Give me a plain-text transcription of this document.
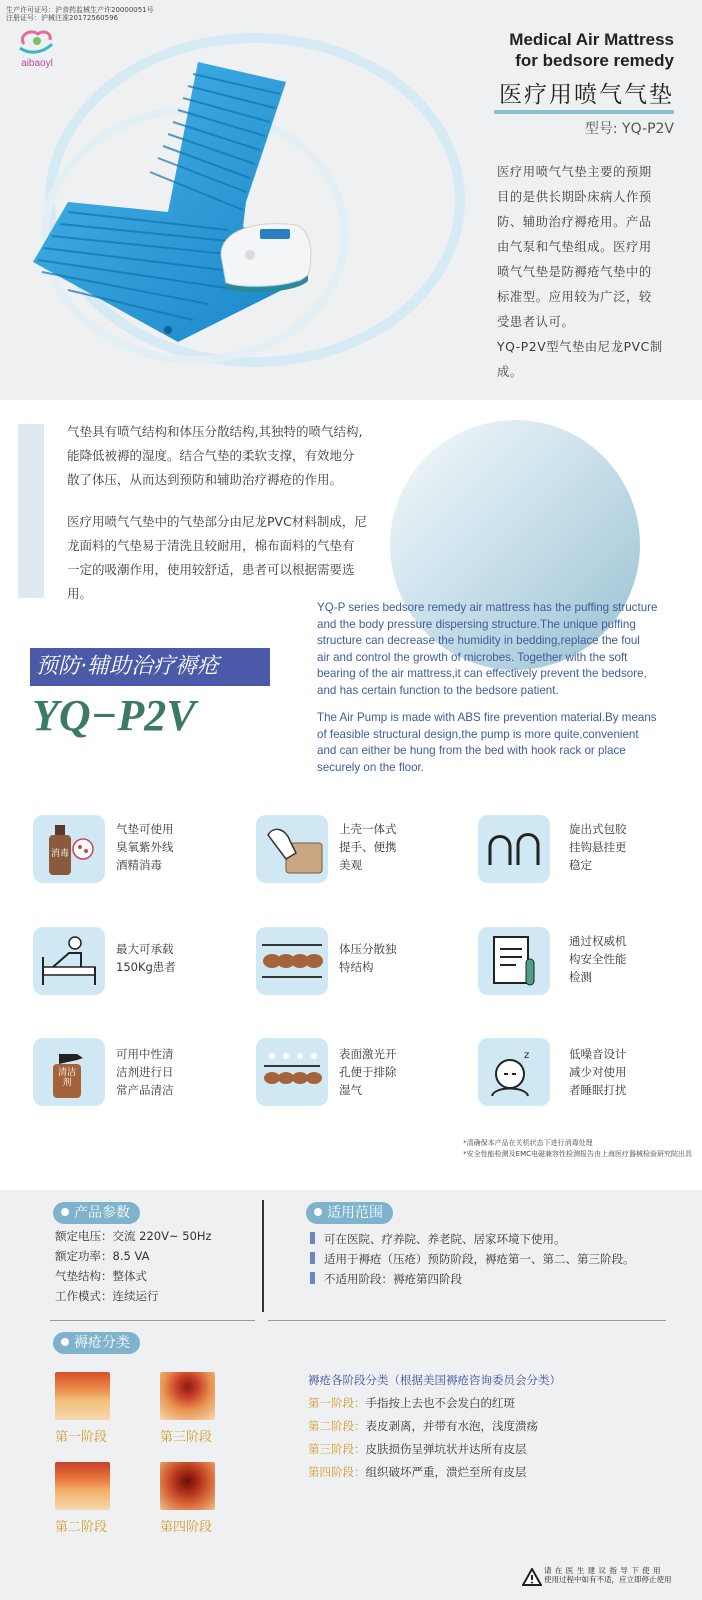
生产许可证号：沪食药监械生产许20000051号
注册证号：沪械注准20172560596
aibaoyl
Medical Air Mattress
for bedsore remedy
医疗用喷气气垫
型号: YQ-P2V
医疗用喷气气垫主要的预期
目的是供长期卧床病人作预
防、辅助治疗褥疮用。产品
由气泵和气垫组成。医疗用
喷气气垫是防褥疮气垫中的
标准型。应用较为广泛，较
受患者认可。
YQ-P2V型气垫由尼龙PVC制
成。
气垫具有喷气结构和体压分散结构,其独特的喷气结构,
能降低被褥的湿度。结合气垫的柔软支撑，有效地分
散了体压，从而达到预防和辅助治疗褥疮的作用。
医疗用喷气气垫中的气垫部分由尼龙PVC材料制成，尼
龙面料的气垫易于清洗且较耐用，棉布面料的气垫有
一定的吸潮作用，使用较舒适，患者可以根据需要选
用。
预防·辅助治疗褥疮
YQ−P2V
YQ-P series bedsore remedy air mattress has the puffing structure
and the body pressure dispersing structure.The unique puffing
structure can decrease the humidity in bedding,replace the foul
air and control the growth of microbes. Together with the soft
bearing of the air mattress,it can effectively prevent the bedsore,
and has certain function to the bedsore patient.
The Air Pump is made with ABS fire prevention material.By means
of feasible structural design,the pump is more quite,convenient
and can either be hung from the bed with hook rack or place
securely on the floor.
消毒
气垫可使用
臭氧紫外线
酒精消毒
上壳一体式
提手、便携
美观
旋出式包胶
挂钩悬挂更
稳定
最大可承载
150Kg患者
体压分散独
特结构
通过权威机
构安全性能
检测
清洁剂
可用中性清
洁剂进行日
常产品清洁
表面激光开
孔便于排除
湿气
z	低噪音设计
减少对使用
者睡眠打扰
*清确保本产品在关机状态下进行消毒处理
*安全性能检测及EMC电磁兼容性检测报告由上海医疗器械检验研究院出具
产品参数
额定电压：交流 220V~ 50Hz
额定功率：8.5 VA
气垫结构：整体式
工作模式：连续运行
适用范围
可在医院、疗养院、养老院、居家环境下使用。
适用于褥疮（压疮）预防阶段，褥疮第一、第二、第三阶段。
不适用阶段：褥疮第四阶段
褥疮分类
第一阶段	第三阶段
第二阶段	第四阶段
褥疮各阶段分类（根据美国褥疮咨询委员会分类）
第一阶段：手指按上去也不会发白的红斑
第二阶段：表皮剥离，并带有水泡，浅度溃疡
第三阶段：皮肤损伤呈弹坑状并达所有皮层
第四阶段：组织破坏严重，溃烂至所有皮层
请在医生建议指导下使用
使用过程中如有不适，应立即停止使用
